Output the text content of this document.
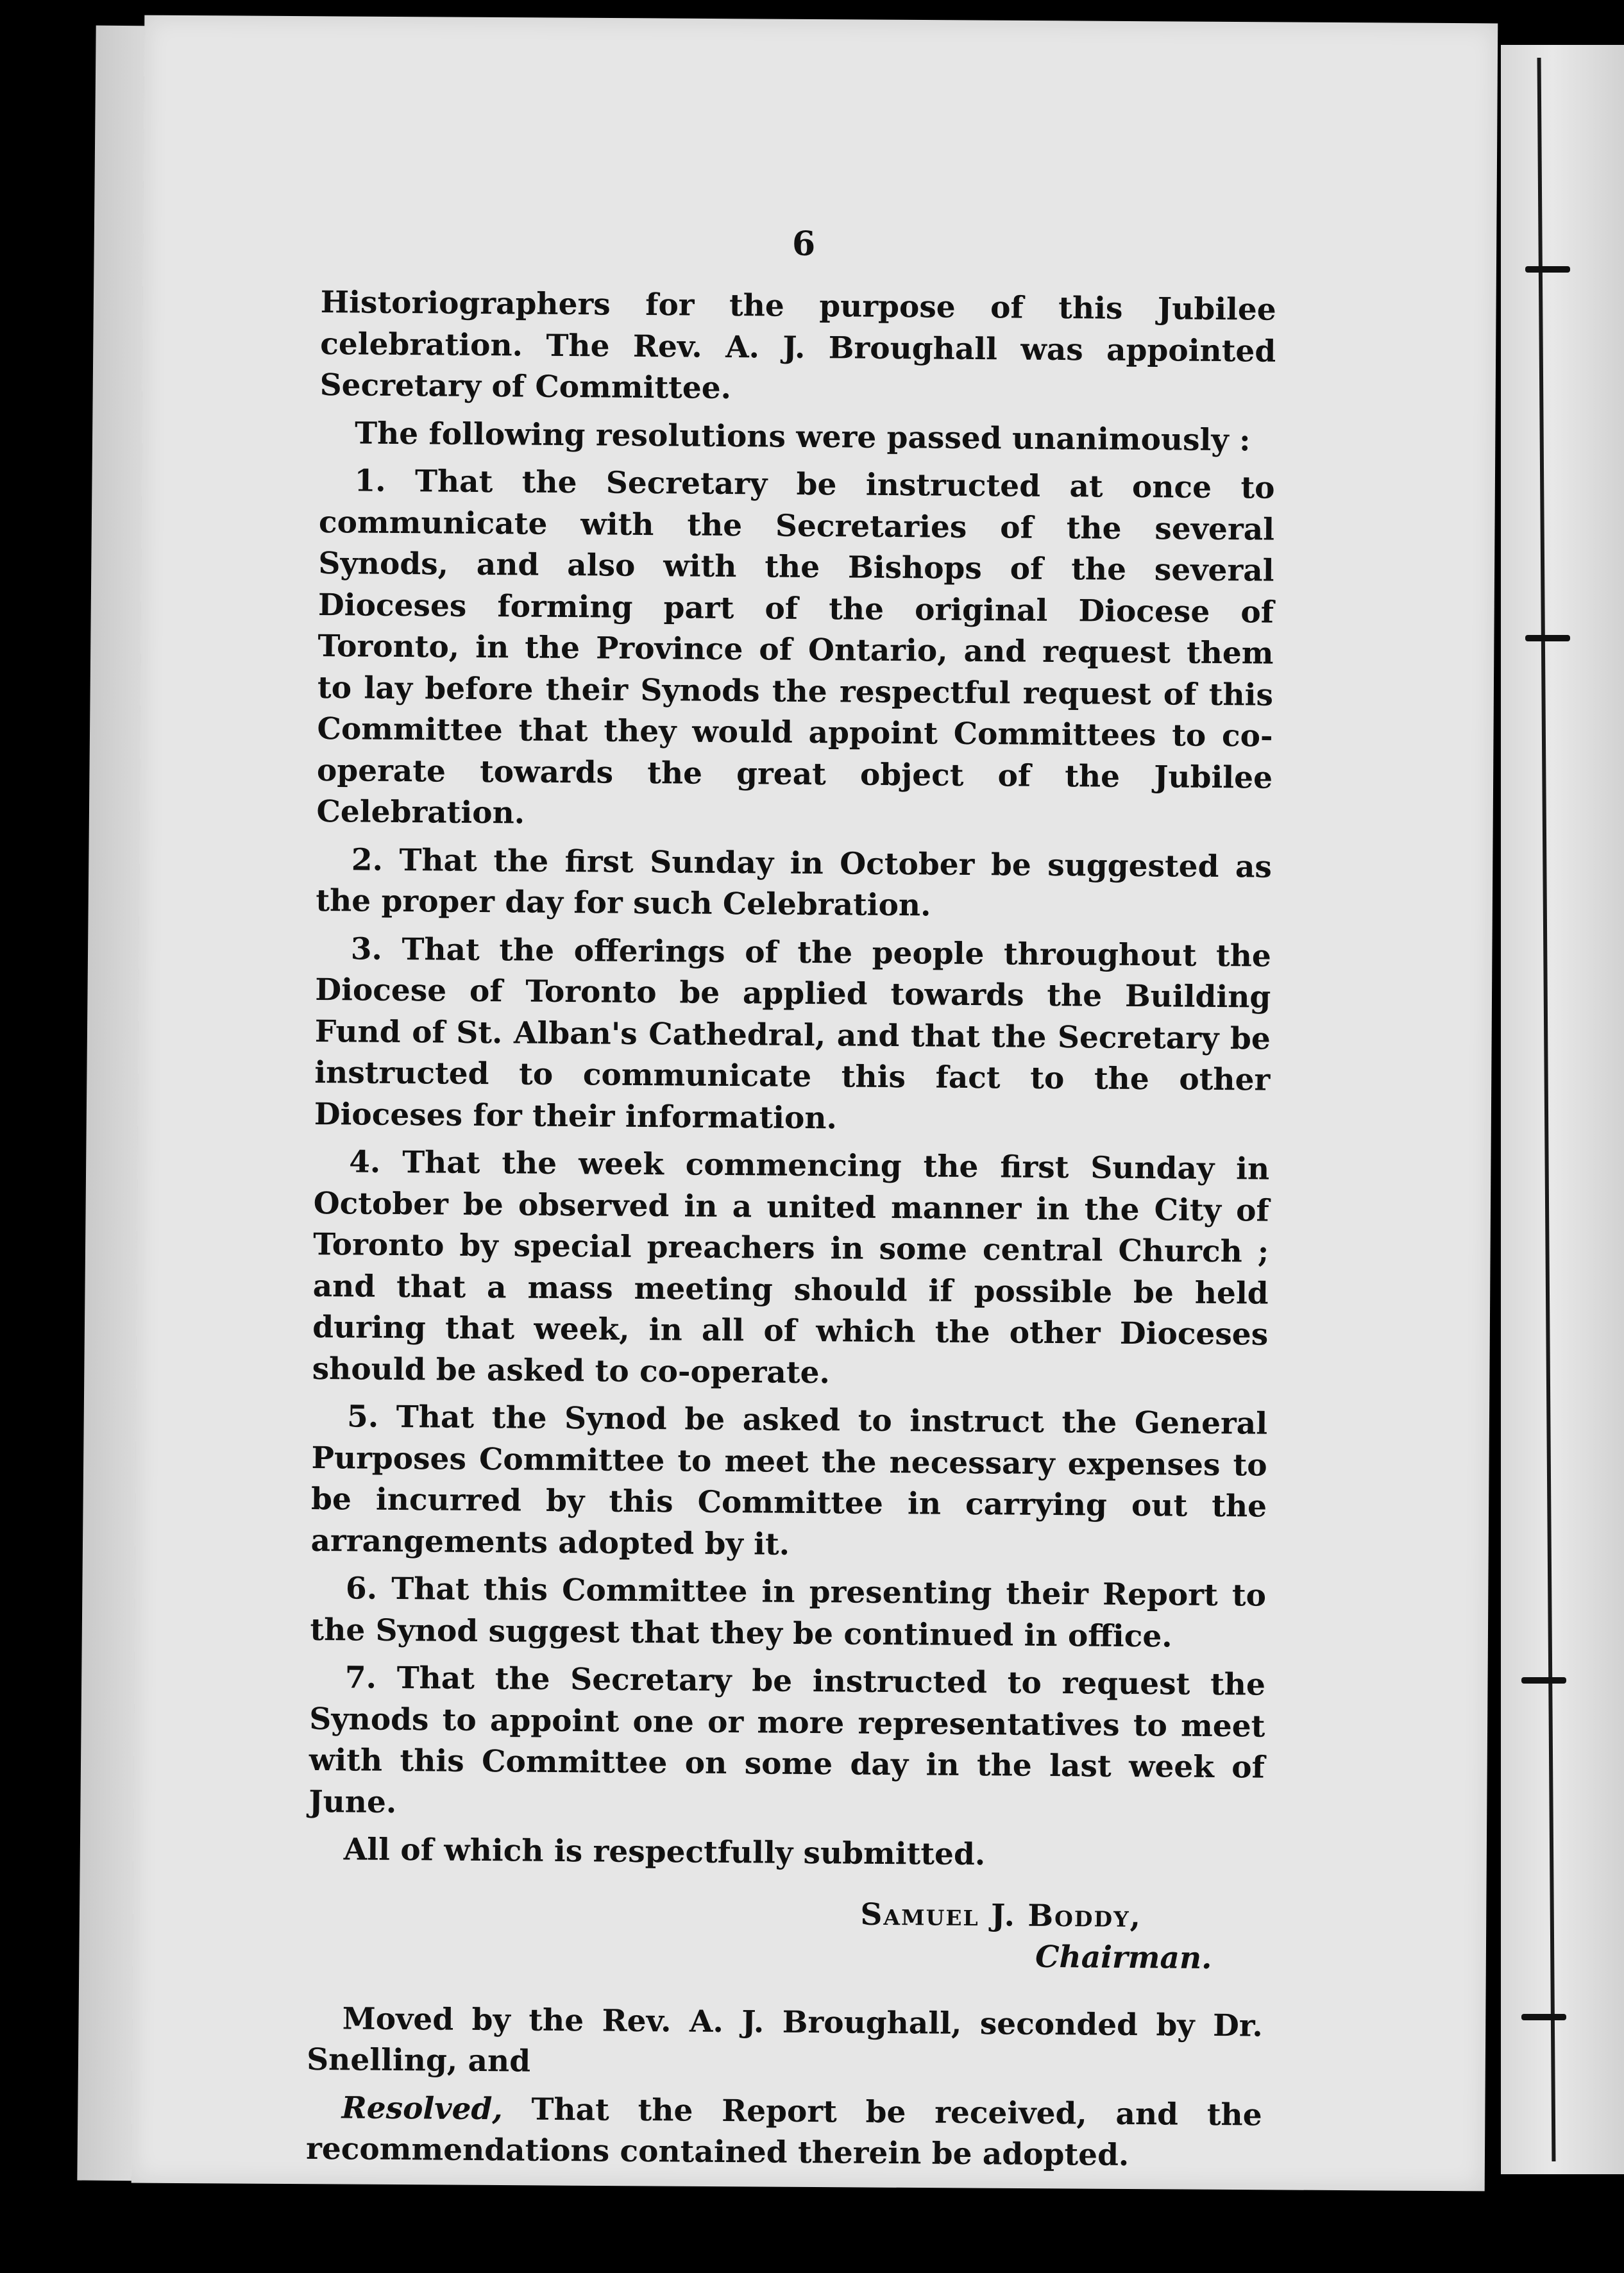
6

Historiographers for the purpose of this Jubilee celebration. The Rev. A. J. Broughall was appointed Secretary of Committee.

The following resolutions were passed unanimously :

1. That the Secretary be instructed at once to communicate with the Secretaries of the several Synods, and also with the Bishops of the several Dioceses forming part of the original Diocese of Toronto, in the Province of Ontario, and request them to lay before their Synods the respectful request of this Committee that they would appoint Committees to co-operate towards the great object of the Jubilee Celebration.

2. That the first Sunday in October be suggested as the proper day for such Celebration.

3. That the offerings of the people throughout the Diocese of Toronto be applied towards the Building Fund of St. Alban's Cathedral, and that the Secretary be instructed to communicate this fact to the other Dioceses for their information.

4. That the week commencing the first Sunday in October be observed in a united manner in the City of Toronto by special preachers in some central Church ; and that a mass meeting should if possible be held during that week, in all of which the other Dioceses should be asked to co-operate.

5. That the Synod be asked to instruct the General Purposes Committee to meet the necessary expenses to be incurred by this Committee in carrying out the arrangements adopted by it.

6. That this Committee in presenting their Report to the Synod suggest that they be continued in office.

7. That the Secretary be instructed to request the Synods to appoint one or more representatives to meet with this Committee on some day in the last week of June.

All of which is respectfully submitted.

Samuel J. Boddy,
Chairman.

Moved by the Rev. A. J. Broughall, seconded by Dr. Snelling, and

Resolved, That the Report be received, and the recommendations contained therein be adopted.
